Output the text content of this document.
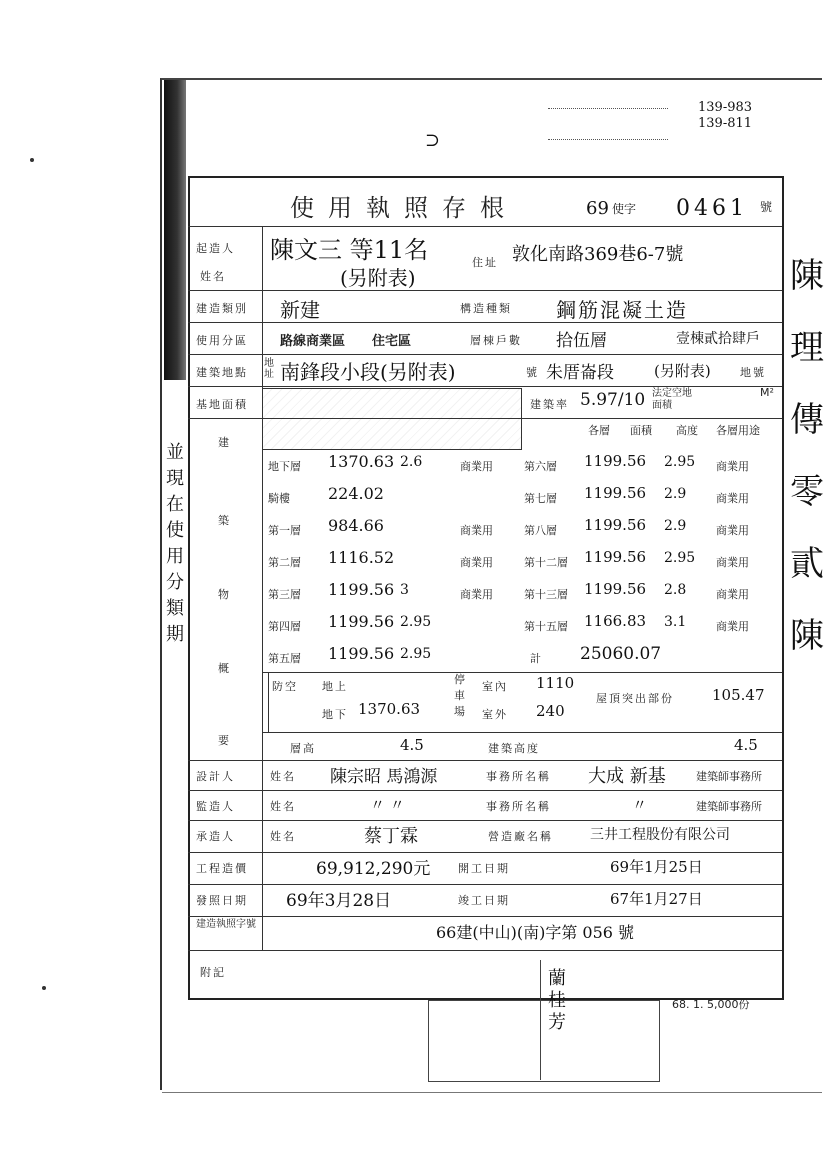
139-983
139-811
⊃
使用執照存根	69 使字 0461 號
起造人
姓名
陳文三 等11名
(另附表)
住址 敦化南路369巷6-7號
建造類別 新建	構造種類 鋼筋混凝土造
使用分區 路線商業區 住宅區	層棟戶數 拾伍層	壹棟貳拾肆戶
建築地點
地址 南鋒段小段(另附表)	號 朱厝崙段	(另附表)	地號
基地面積	建築率 5.97/10 法定空地面積
M²
建
築
物
概
要
各層 面積 高度 各層用途
地下層 1370.63 2.6	商業用
騎樓 224.02
第一層 984.66	商業用
第二層 1116.52	商業用
第三層 1199.56 3	商業用
第四層 1199.56 2.95
第五層 1199.56 2.95
第六層 1199.56 2.95 商業用
第七層 1199.56 2.9	商業用
第八層 1199.56 2.9	商業用
第十二層 1199.56 2.95 商業用
第十三層 1199.56 2.8	商業用
第十五層 1166.83 3.1	商業用
計 25060.07
防空 地上
地下 1370.63
停車場
室內 1110
室外 240
屋頂突出部份	105.47
層高	4.5	建築高度	4.5
設計人	姓名 陳宗昭 馬鴻源	事務所名稱 大成 新基	建築師事務所
監造人	姓名	〃 〃	事務所名稱	〃	建築師事務所
承造人	姓名	蔡丁霖	營造廠名稱	三井工程股份有限公司
工程造價	69,912,290元	開工日期	69年1月25日
發照日期 69年3月28日	竣工日期	67年1月27日
建造執照字號	66建(中山)(南)字第 056 號
附記
68. 1. 5,000份
蘭桂芳
並現在使用分類期
陳理傳零貳陳
